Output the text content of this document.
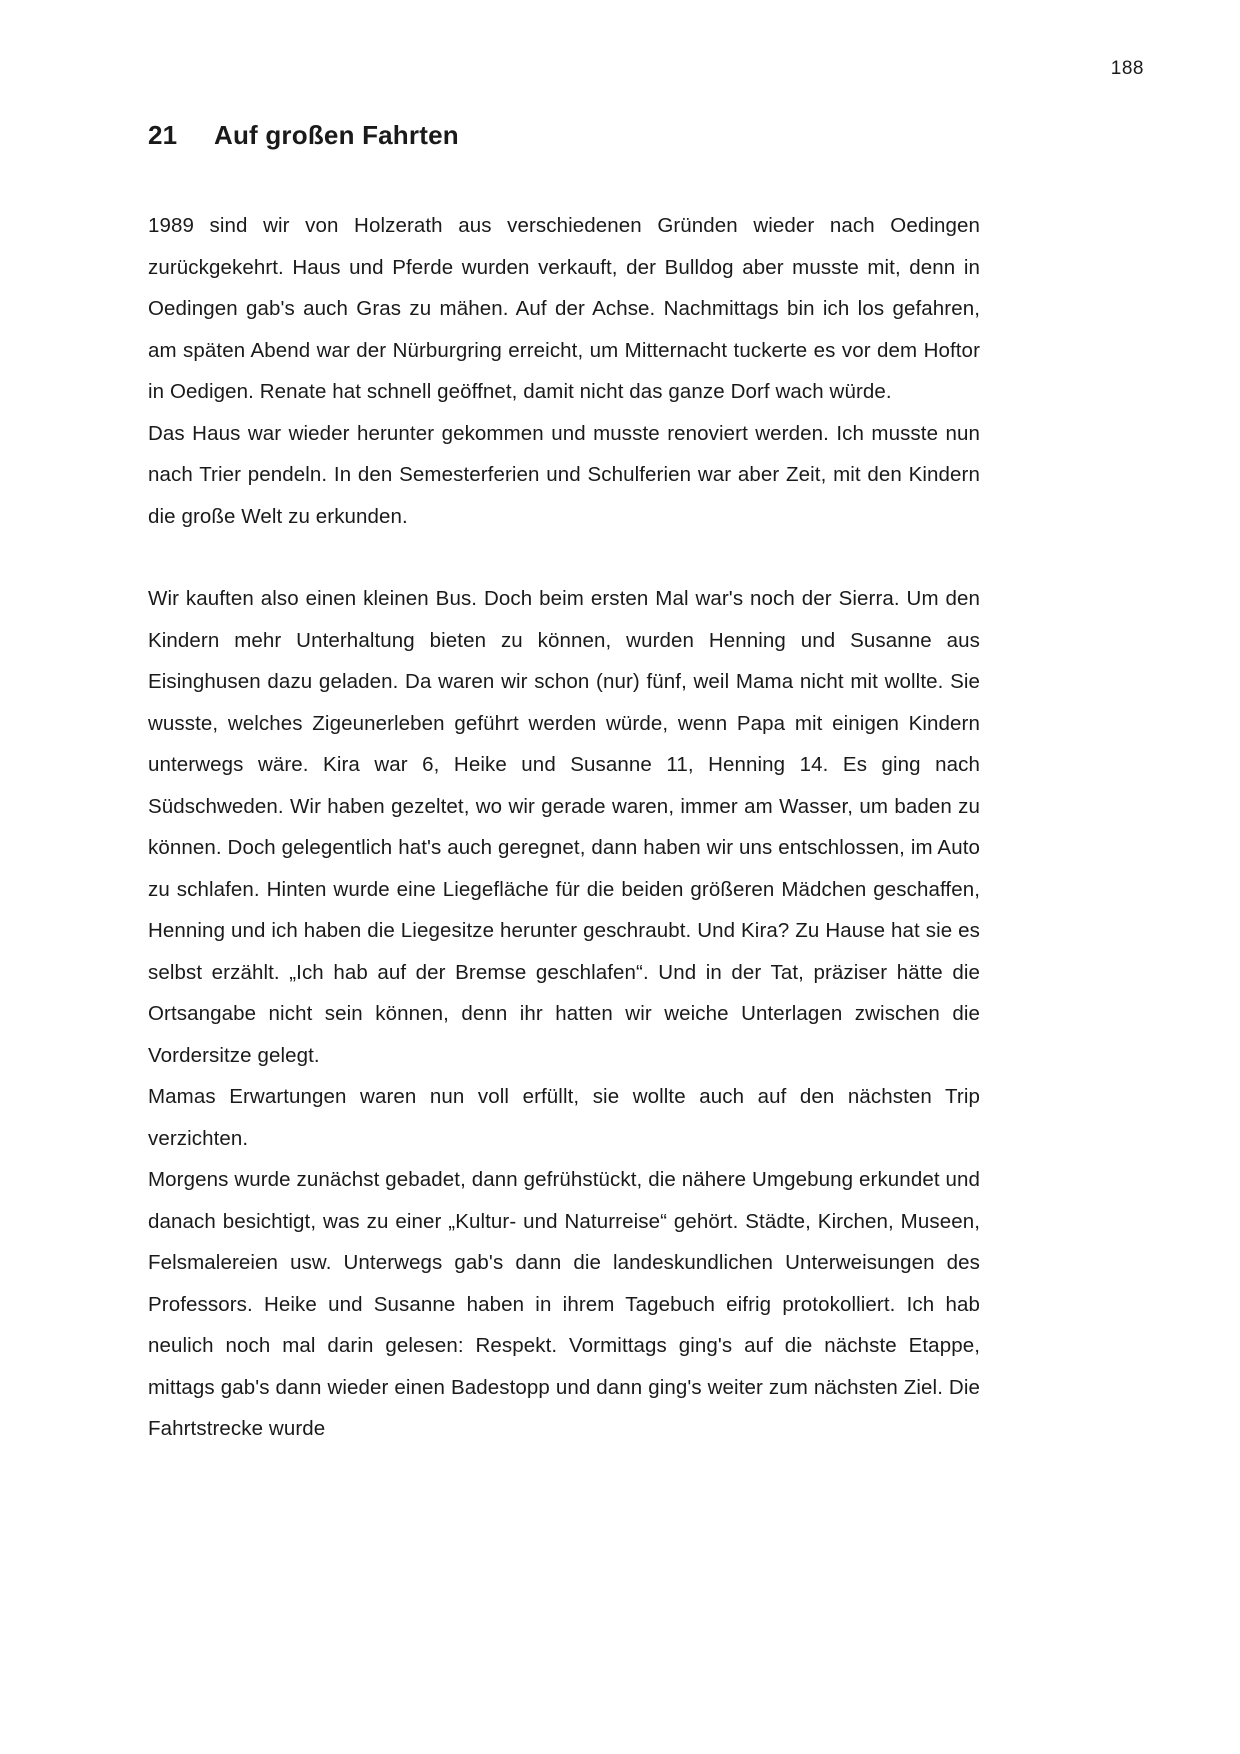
188
21 Auf großen Fahrten

1989 sind wir von Holzerath aus verschiedenen Gründen wieder nach Oedingen zurückgekehrt. Haus und Pferde wurden verkauft, der Bulldog aber musste mit, denn in Oedingen gab's auch Gras zu mähen. Auf der Achse. Nachmittags bin ich los gefahren, am späten Abend war der Nürburgring erreicht, um Mitternacht tuckerte es vor dem Hoftor in Oedigen. Renate hat schnell geöffnet, damit nicht das ganze Dorf wach würde.

Das Haus war wieder herunter gekommen und musste renoviert werden. Ich musste nun nach Trier pendeln. In den Semesterferien und Schulferien war aber Zeit, mit den Kindern die große Welt zu erkunden.

Wir kauften also einen kleinen Bus. Doch beim ersten Mal war's noch der Sierra. Um den Kindern mehr Unterhaltung bieten zu können, wurden Henning und Susanne aus Eisinghusen dazu geladen. Da waren wir schon (nur) fünf, weil Mama nicht mit wollte. Sie wusste, welches Zigeunerleben geführt werden würde, wenn Papa mit einigen Kindern unterwegs wäre. Kira war 6, Heike und Susanne 11, Henning 14. Es ging nach Südschweden. Wir haben gezeltet, wo wir gerade waren, immer am Wasser, um baden zu können. Doch gelegentlich hat's auch geregnet, dann haben wir uns entschlossen, im Auto zu schlafen. Hinten wurde eine Liegefläche für die beiden größeren Mädchen geschaffen, Henning und ich haben die Liegesitze herunter geschraubt. Und Kira? Zu Hause hat sie es selbst erzählt. „Ich hab auf der Bremse geschlafen“. Und in der Tat, präziser hätte die Ortsangabe nicht sein können, denn ihr hatten wir weiche Unterlagen zwischen die Vordersitze gelegt.

Mamas Erwartungen waren nun voll erfüllt, sie wollte auch auf den nächsten Trip verzichten.

Morgens wurde zunächst gebadet, dann gefrühstückt, die nähere Umgebung erkundet und danach besichtigt, was zu einer „Kultur- und Naturreise“ gehört. Städte, Kirchen, Museen, Felsmalereien usw. Unterwegs gab's dann die landeskundlichen Unterweisungen des Professors. Heike und Susanne haben in ihrem Tagebuch eifrig protokolliert. Ich hab neulich noch mal darin gelesen: Respekt. Vormittags ging's auf die nächste Etappe, mittags gab's dann wieder einen Badestopp und dann ging's weiter zum nächsten Ziel. Die Fahrtstrecke wurde
